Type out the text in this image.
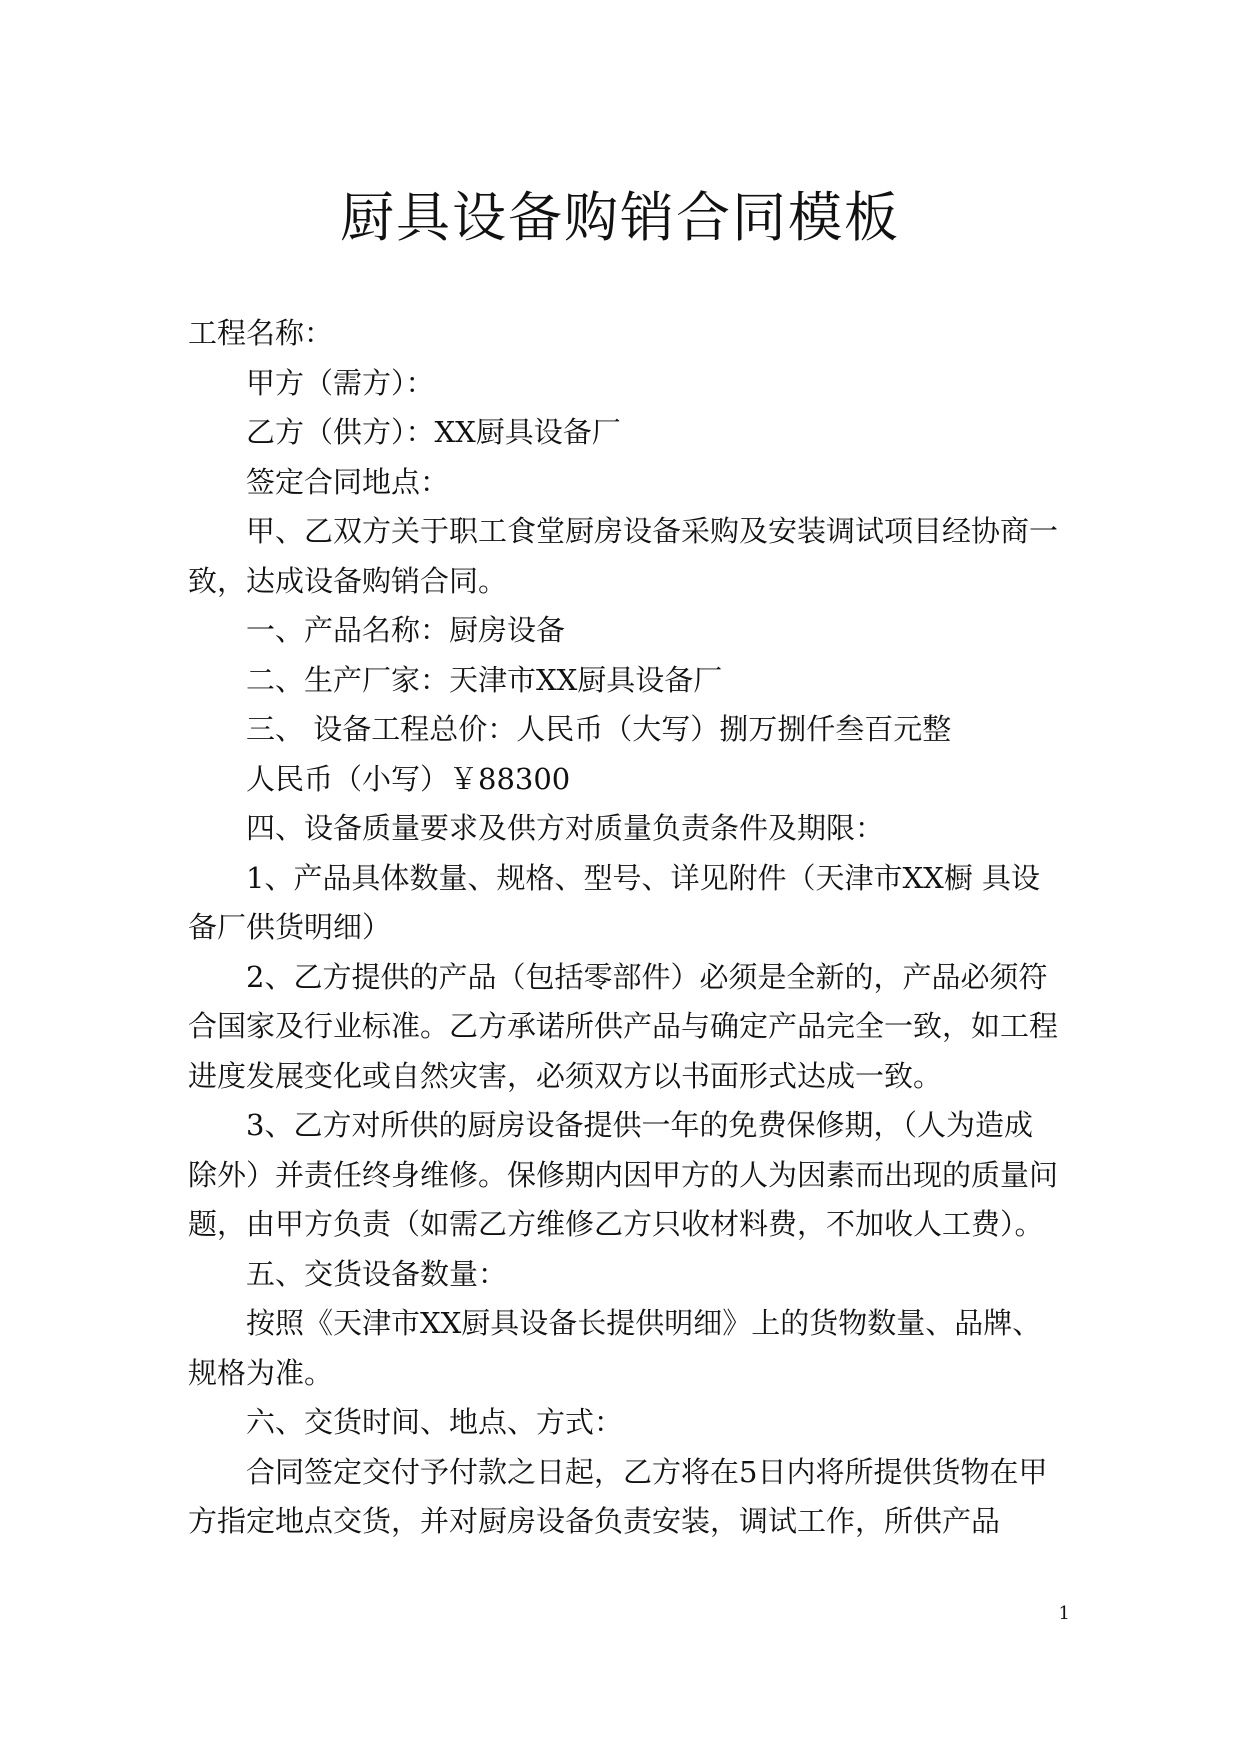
厨具设备购销合同模板

工程名称：

甲方（需方）：

乙方（供方）：XX厨具设备厂

签定合同地点：

甲、乙双方关于职工食堂厨房设备采购及安装调试项目经协商一致，达成设备购销合同。

一、产品名称：厨房设备

二、生产厂家：天津市XX厨具设备厂

三、 设备工程总价：人民币（大写）捌万捌仟叁百元整

人民币（小写）￥88300

四、设备质量要求及供方对质量负责条件及期限：

1、产品具体数量、规格、型号、详见附件（天津市XX橱 具设备厂供货明细）

2、乙方提供的产品（包括零部件）必须是全新的，产品必须符合国家及行业标准。乙方承诺所供产品与确定产品完全一致，如工程进度发展变化或自然灾害，必须双方以书面形式达成一致。

3、乙方对所供的厨房设备提供一年的免费保修期，（人为造成除外）并责任终身维修。保修期内因甲方的人为因素而出现的质量问题，由甲方负责（如需乙方维修乙方只收材料费，不加收人工费）。

五、交货设备数量：

按照《天津市XX厨具设备长提供明细》上的货物数量、品牌、规格为准。

六、交货时间、地点、方式：

合同签定交付予付款之日起，乙方将在5日内将所提供货物在甲方指定地点交货，并对厨房设备负责安装，调试工作，所供产品

1
